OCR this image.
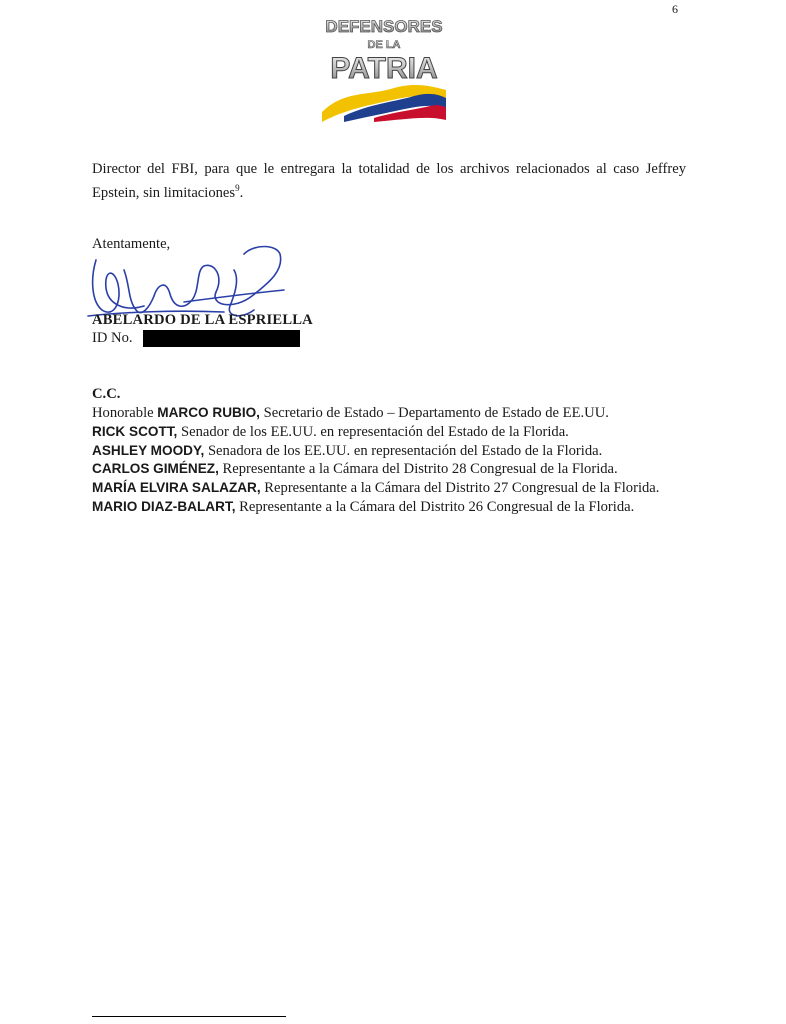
6
DEFENSORES
DE LA
PATRIA
Director del FBI, para que le entregara la totalidad de los archivos relacionados al caso Jeffrey Epstein, sin limitaciones$^9$.
Atentamente,
ABELARDO DE LA ESPRIELLA
ID No.
C.C.
Honorable MARCO RUBIO, Secretario de Estado – Departamento de Estado de EE.UU.
RICK SCOTT, Senador de los EE.UU. en representación del Estado de la Florida.
ASHLEY MOODY, Senadora de los EE.UU. en representación del Estado de la Florida.
CARLOS GIMÉNEZ, Representante a la Cámara del Distrito 28 Congresual de la Florida.
MARÍA ELVIRA SALAZAR, Representante a la Cámara del Distrito 27 Congresual de la Florida.
MARIO DIAZ-BALART, Representante a la Cámara del Distrito 26 Congresual de la Florida.
